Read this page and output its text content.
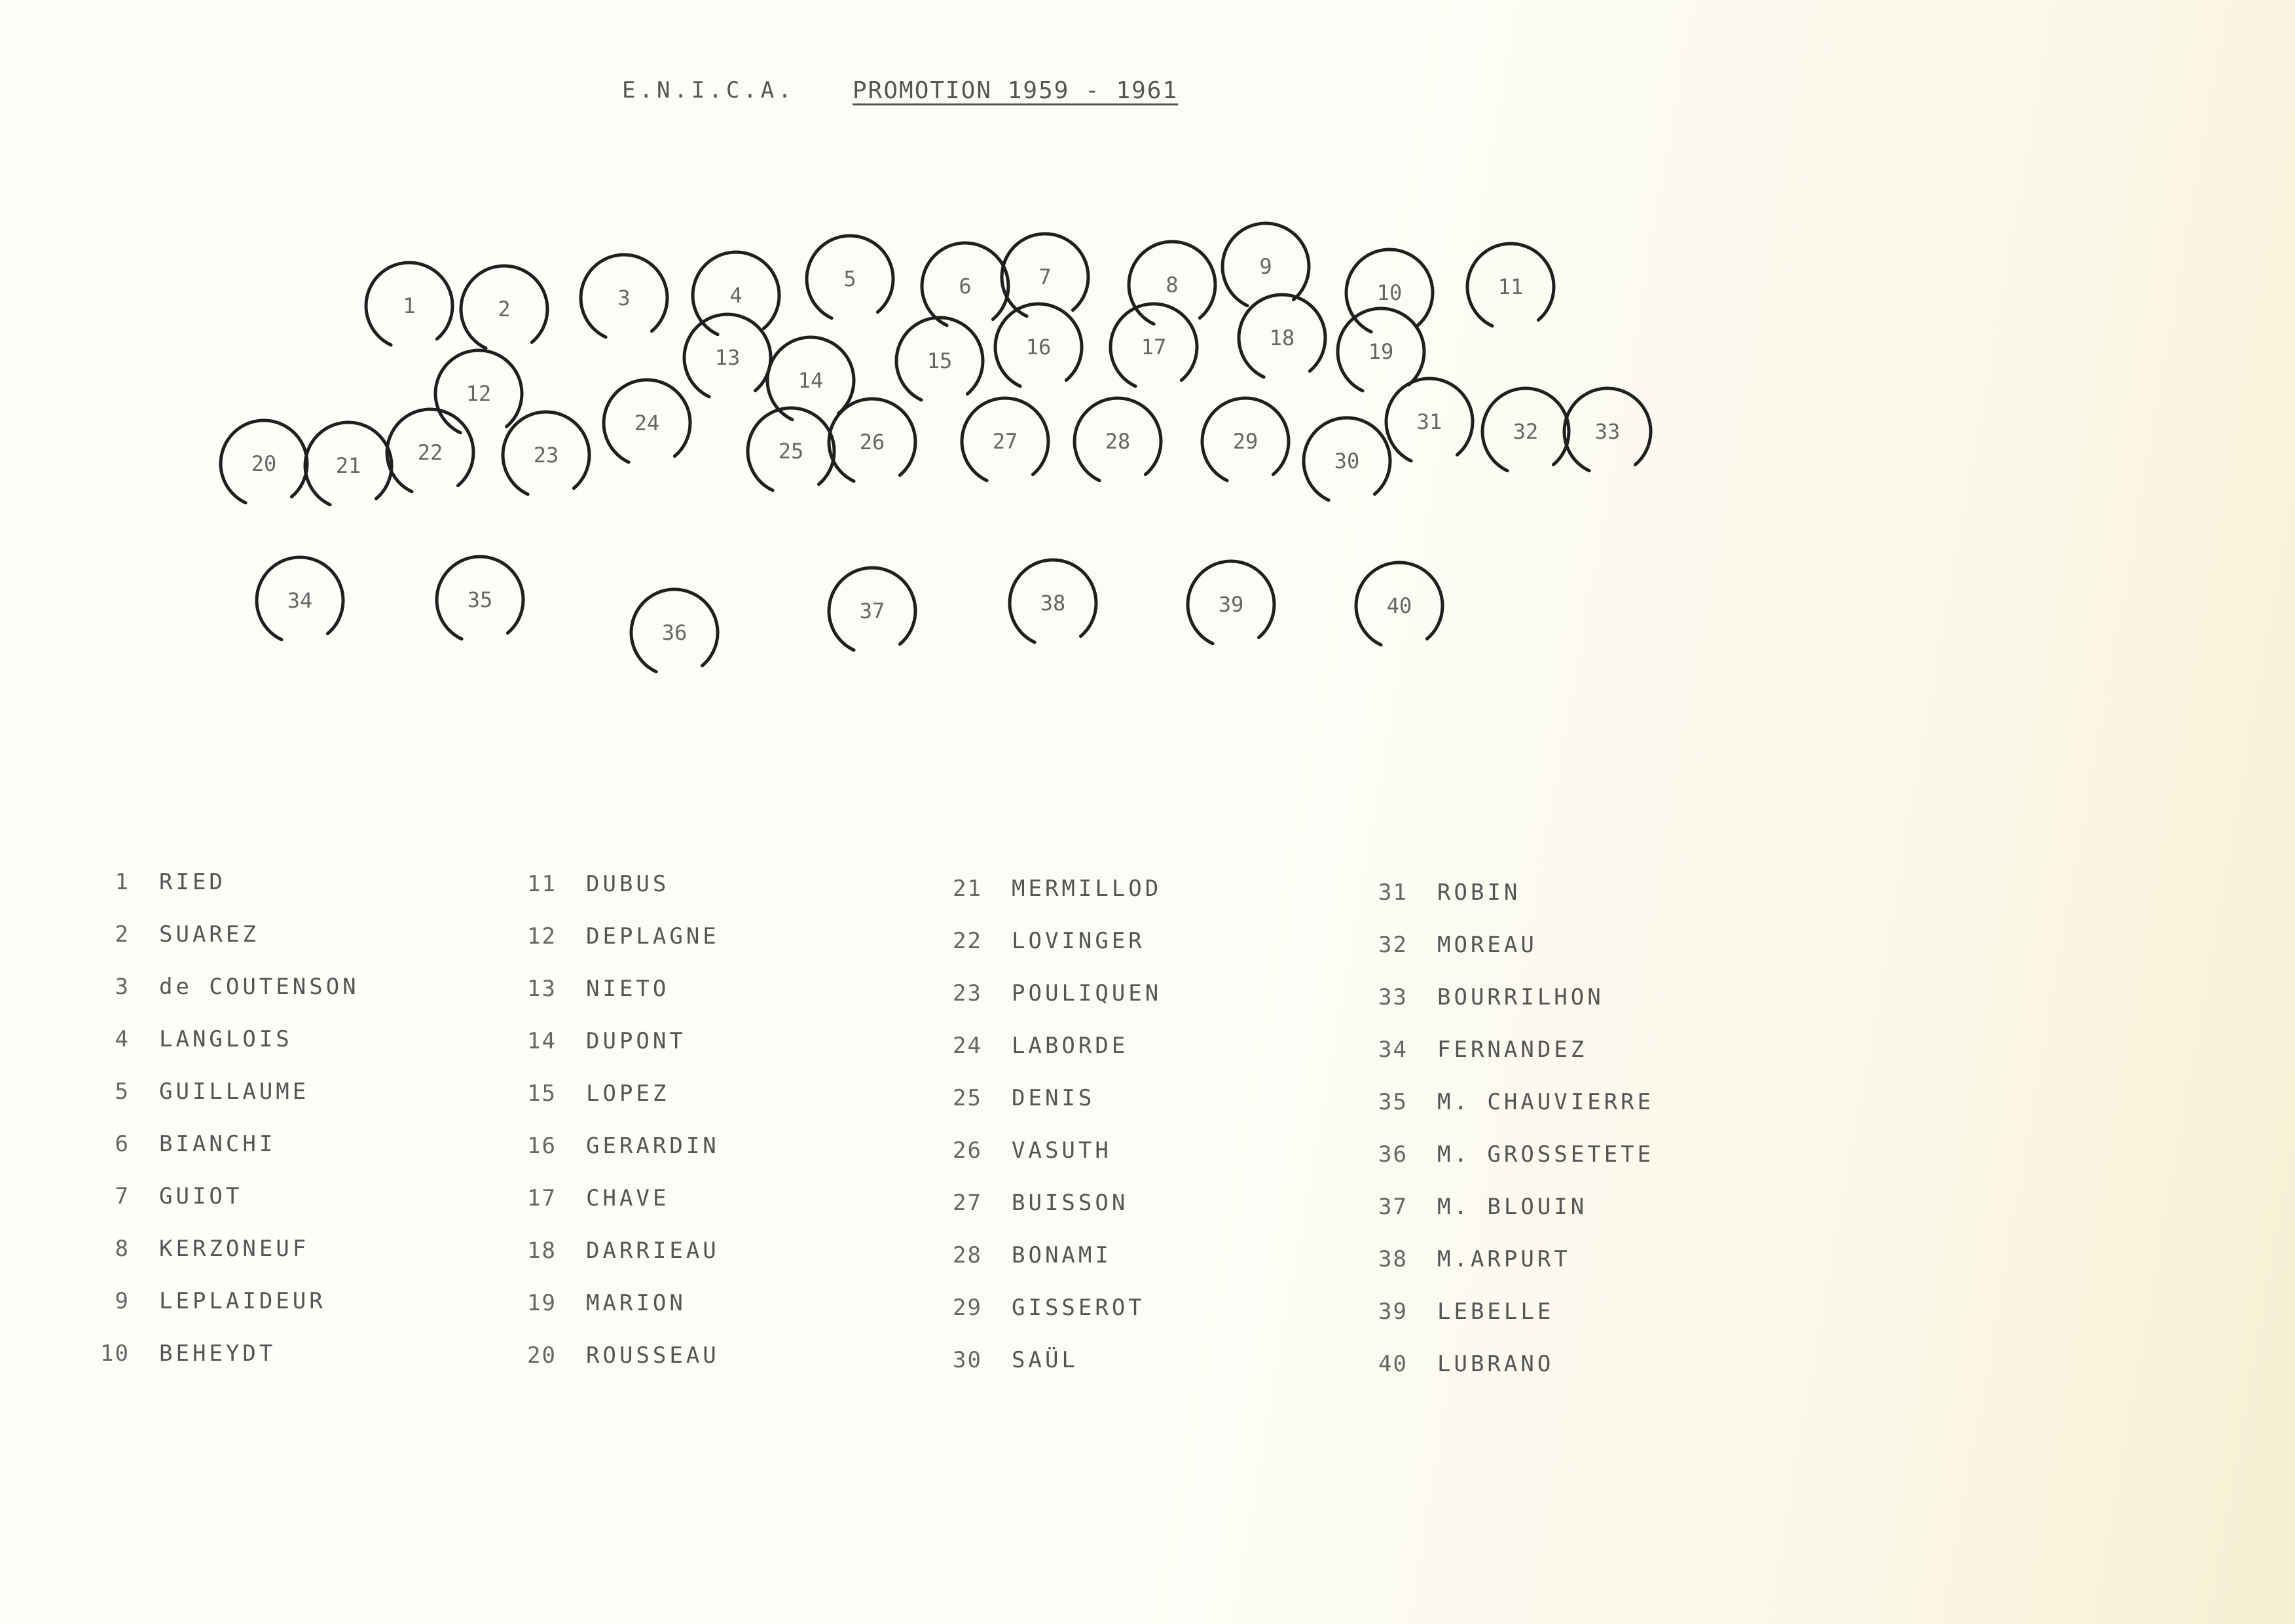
E.N.I.C.A. PROMOTION 1959 - 1961
1	2	3	4
5	6	7	8
9
10	11
12
13
14
15
16	17	18
19
20	21
22	23
24
25	26	27	28	29
30
31	32	33
34	35
36
37	38	39	40
1 RIED
2 SUAREZ
3 de COUTENSON
4 LANGLOIS
5 GUILLAUME
6 BIANCHI
7 GUIOT
8 KERZONEUF
9 LEPLAIDEUR
10 BEHEYDT
11 DUBUS
12 DEPLAGNE
13 NIETO
14 DUPONT
15 LOPEZ
16 GERARDIN
17 CHAVE
18 DARRIEAU
19 MARION
20 ROUSSEAU
21 MERMILLOD
22 LOVINGER
23 POULIQUEN
24 LABORDE
25 DENIS
26 VASUTH
27 BUISSON
28 BONAMI
29 GISSEROT
30 SAÜL
31 ROBIN
32 MOREAU
33 BOURRILHON
34 FERNANDEZ
35 M. CHAUVIERRE
36 M. GROSSETETE
37 M. BLOUIN
38 M.ARPURT
39 LEBELLE
40 LUBRANO
